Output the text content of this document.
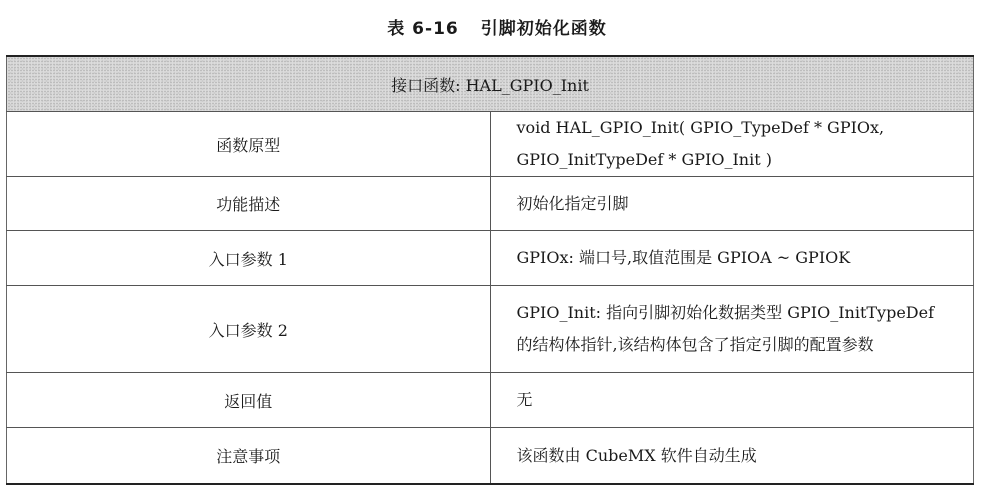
表 6-16 引脚初始化函数
接口函数: HAL_GPIO_Init	
函数原型	void HAL_GPIO_Init( GPIO_TypeDef * GPIOx, GPIO_InitTypeDef * GPIO_Init )

功能描述	初始化指定引脚

入口参数 1	GPIOx: 端口号,取值范围是 GPIOA ~ GPIOK

入口参数 2	GPIO_Init: 指向引脚初始化数据类型 GPIO_InitTypeDef 的结构体指针,该结构体包含了指定引脚的配置参数

返回值	无

注意事项	该函数由 CubeMX 软件自动生成
